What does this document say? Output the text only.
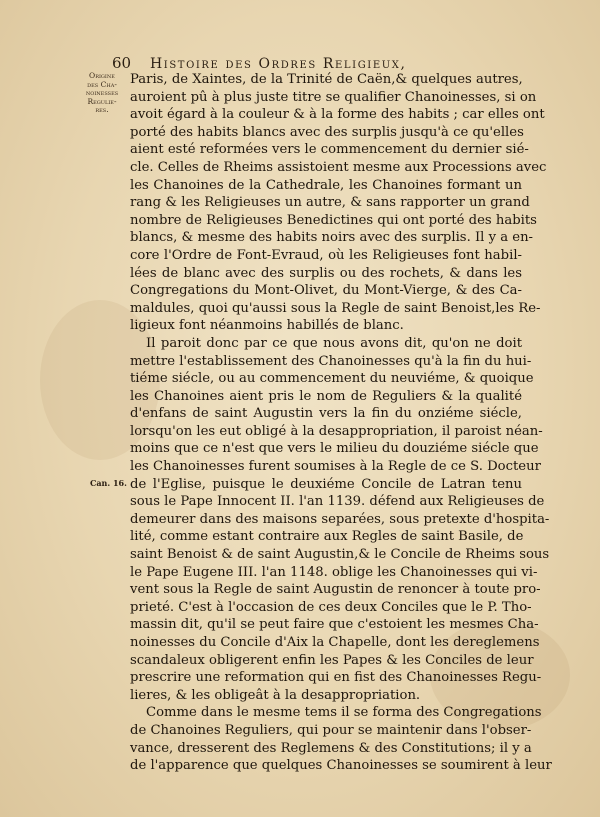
60	Histoire des Ordres Religieux,
Origine
des Cha-
noinesses
Regulie-
res.
Can. 16.
Paris, de Xaintes, de la Trinité de Caën,& quelques autres,
auroient pû à plus juste titre se qualifier Chanoinesses, si on
avoit égard à la couleur & à la forme des habits ; car elles ont
porté des habits blancs avec des surplis jusqu'à ce qu'elles
aient esté reformées vers le commencement du dernier sié-
cle. Celles de Rheims assistoient mesme aux Processions avec
les Chanoines de la Cathedrale, les Chanoines formant un
rang & les Religieuses un autre, & sans rapporter un grand
nombre de Religieuses Benedictines qui ont porté des habits
blancs, & mesme des habits noirs avec des surplis. Il y a en-
core l'Ordre de Font-Evraud, où les Religieuses font habil-
lées de blanc avec des surplis ou des rochets, & dans les
Congregations du Mont-Olivet, du Mont-Vierge, & des Ca-
maldules, quoi qu'aussi sous la Regle de saint Benoist,les Re-
ligieux font néanmoins habillés de blanc.
Il paroit donc par ce que nous avons dit, qu'on ne doit
mettre l'establissement des Chanoinesses qu'à la fin du hui-
tiéme siécle, ou au commencement du neuviéme, & quoique
les Chanoines aient pris le nom de Reguliers & la qualité
d'enfans de saint Augustin vers la fin du onziéme siécle,
lorsqu'on les eut obligé à la desappropriation, il paroist néan-
moins que ce n'est que vers le milieu du douziéme siécle que
les Chanoinesses furent soumises à la Regle de ce S. Docteur
de l'Eglise, puisque le deuxiéme Concile de Latran tenu
sous le Pape Innocent II. l'an 1139. défend aux Religieuses de
demeurer dans des maisons separées, sous pretexte d'hospita-
lité, comme estant contraire aux Regles de saint Basile, de
saint Benoist & de saint Augustin,& le Concile de Rheims sous
le Pape Eugene III. l'an 1148. oblige les Chanoinesses qui vi-
vent sous la Regle de saint Augustin de renoncer à toute pro-
prieté. C'est à l'occasion de ces deux Conciles que le P. Tho-
massin dit, qu'il se peut faire que c'estoient les mesmes Cha-
noinesses du Concile d'Aix la Chapelle, dont les dereglemens
scandaleux obligerent enfin les Papes & les Conciles de leur
prescrire une reformation qui en fist des Chanoinesses Regu-
lieres, & les obligeât à la desappropriation.
Comme dans le mesme tems il se forma des Congregations
de Chanoines Reguliers, qui pour se maintenir dans l'obser-
vance, dresserent des Reglemens & des Constitutions; il y a
de l'apparence que quelques Chanoinesses se soumirent à leur
